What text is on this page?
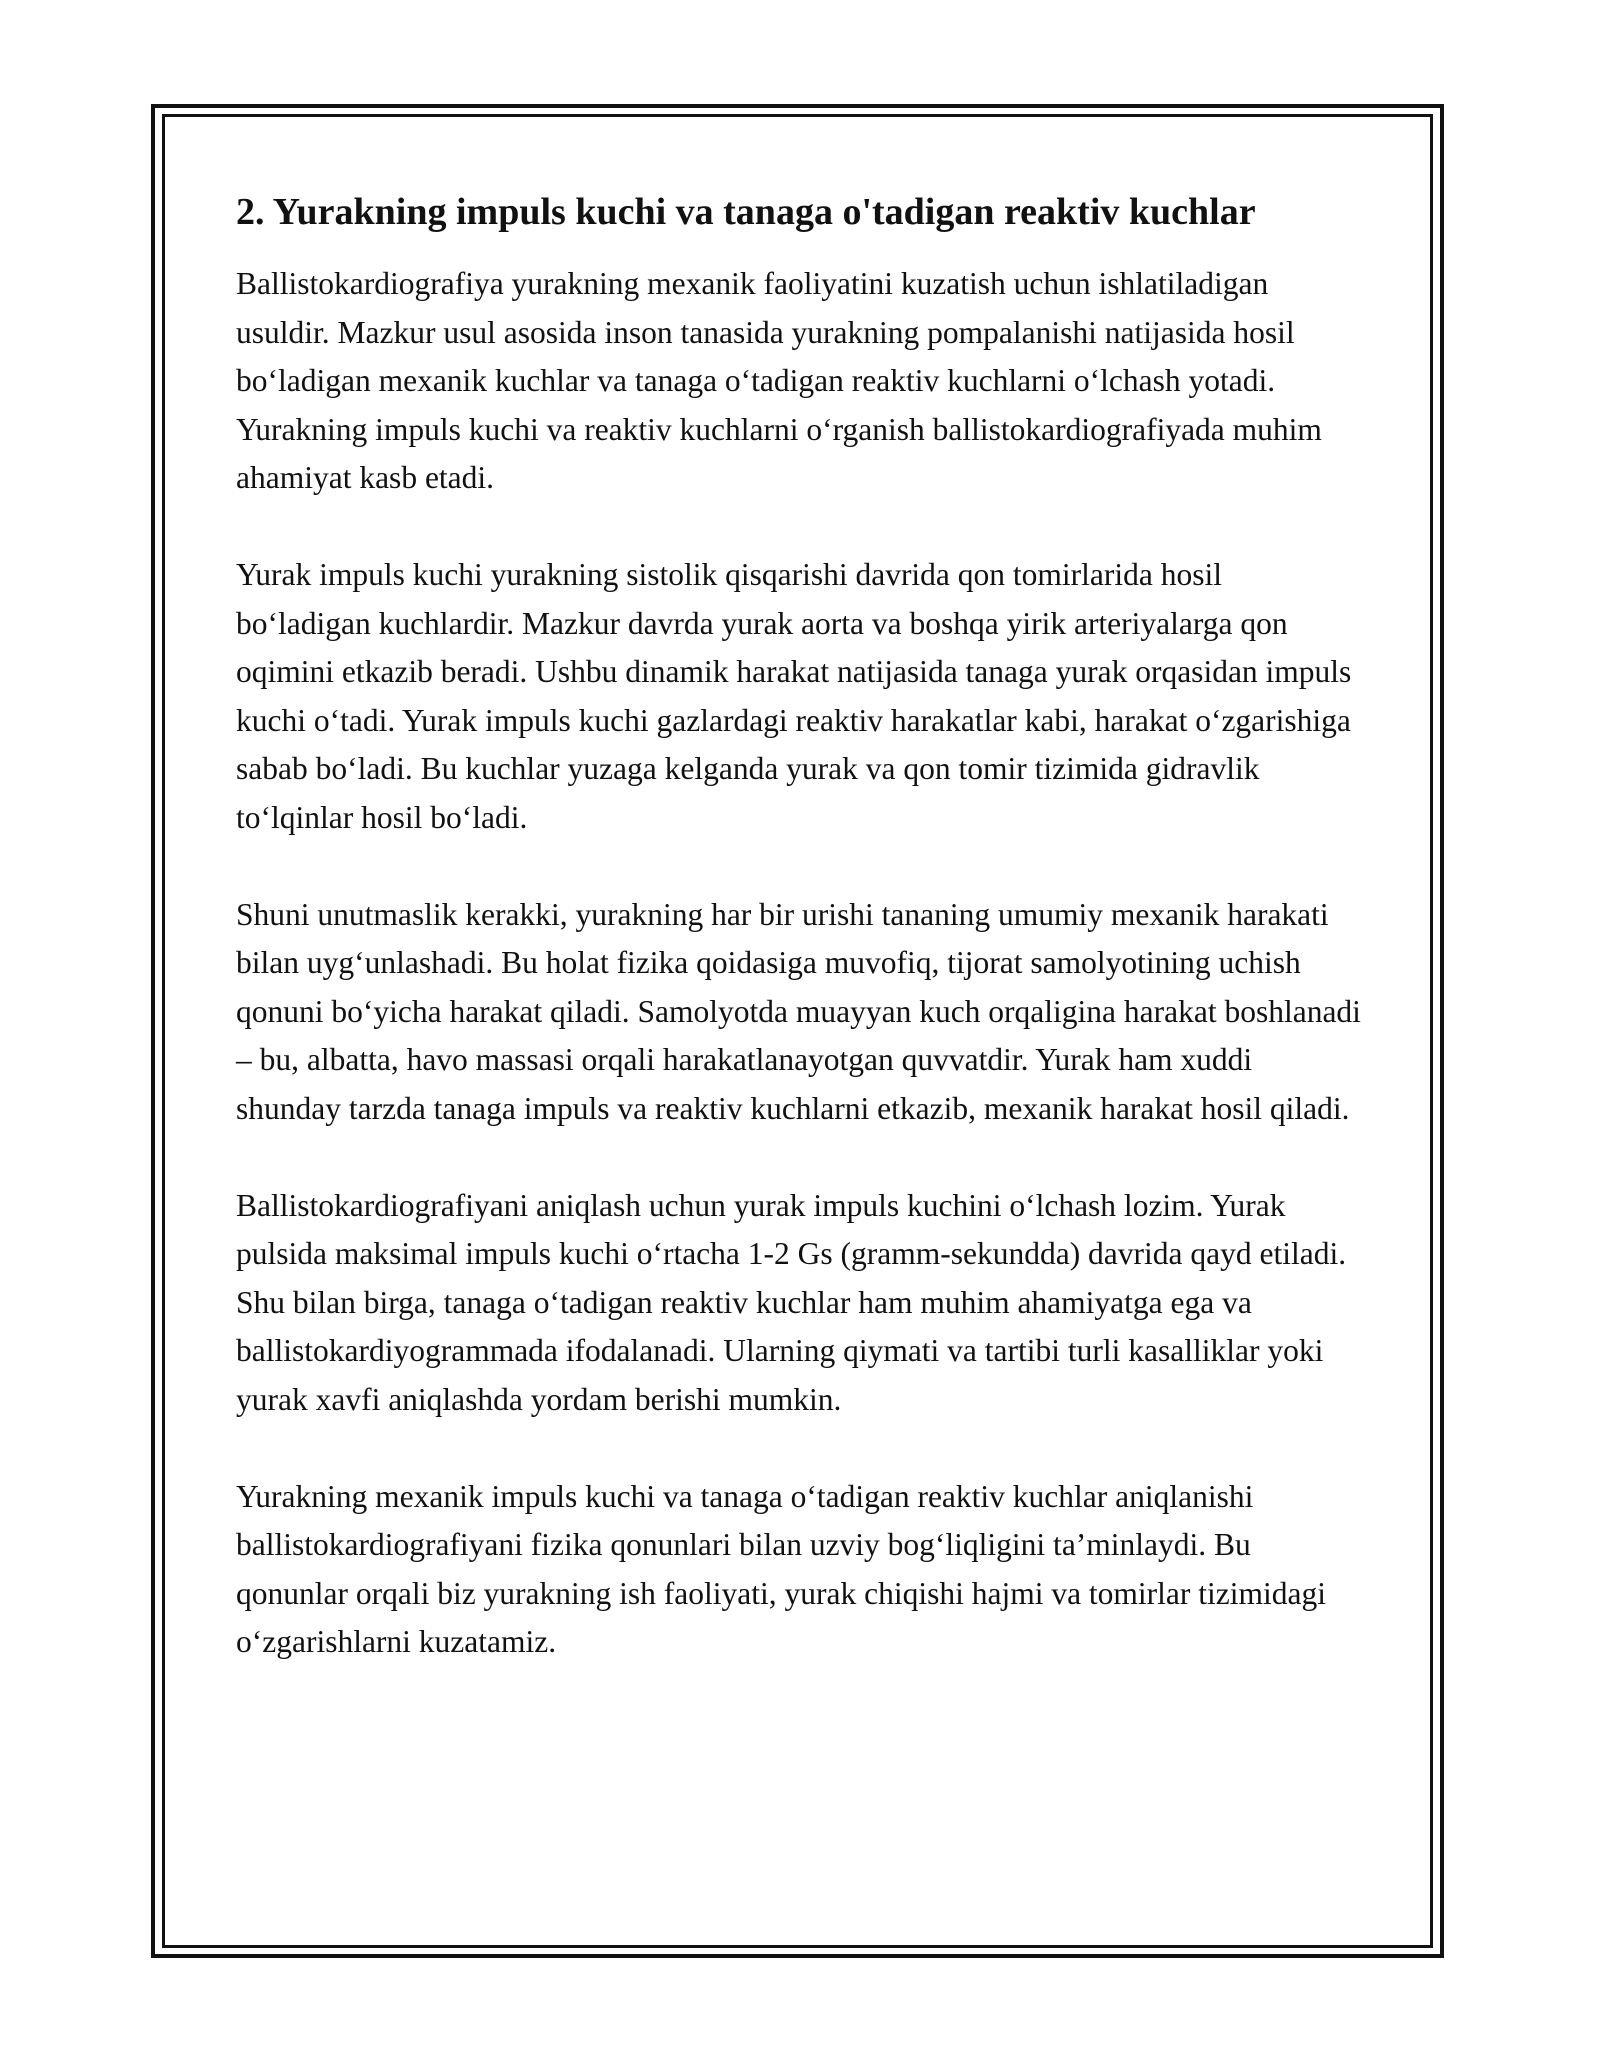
2. Yurakning impuls kuchi va tanaga o'tadigan reaktiv kuchlar

Ballistokardiografiya yurakning mexanik faoliyatini kuzatish uchun ishlatiladigan usuldir. Mazkur usul asosida inson tanasida yurakning pompalanishi natijasida hosil bo‘ladigan mexanik kuchlar va tanaga o‘tadigan reaktiv kuchlarni o‘lchash yotadi. Yurakning impuls kuchi va reaktiv kuchlarni o‘rganish ballistokardiografiyada muhim ahamiyat kasb etadi.

Yurak impuls kuchi yurakning sistolik qisqarishi davrida qon tomirlarida hosil bo‘ladigan kuchlardir. Mazkur davrda yurak aorta va boshqa yirik arteriyalarga qon oqimini etkazib beradi. Ushbu dinamik harakat natijasida tanaga yurak orqasidan impuls kuchi o‘tadi. Yurak impuls kuchi gazlardagi reaktiv harakatlar kabi, harakat o‘zgarishiga sabab bo‘ladi. Bu kuchlar yuzaga kelganda yurak va qon tomir tizimida gidravlik to‘lqinlar hosil bo‘ladi.

Shuni unutmaslik kerakki, yurakning har bir urishi tananing umumiy mexanik harakati bilan uyg‘unlashadi. Bu holat fizika qoidasiga muvofiq, tijorat samolyotining uchish qonuni bo‘yicha harakat qiladi. Samolyotda muayyan kuch orqaligina harakat boshlanadi – bu, albatta, havo massasi orqali harakatlanayotgan quvvatdir. Yurak ham xuddi shunday tarzda tanaga impuls va reaktiv kuchlarni etkazib, mexanik harakat hosil qiladi.

Ballistokardiografiyani aniqlash uchun yurak impuls kuchini o‘lchash lozim. Yurak pulsida maksimal impuls kuchi o‘rtacha 1-2 Gs (gramm-sekundda) davrida qayd etiladi. Shu bilan birga, tanaga o‘tadigan reaktiv kuchlar ham muhim ahamiyatga ega va ballistokardiyogrammada ifodalanadi. Ularning qiymati va tartibi turli kasalliklar yoki yurak xavfi aniqlashda yordam berishi mumkin.

Yurakning mexanik impuls kuchi va tanaga o‘tadigan reaktiv kuchlar aniqlanishi ballistokardiografiyani fizika qonunlari bilan uzviy bog‘liqligini ta’minlaydi. Bu qonunlar orqali biz yurakning ish faoliyati, yurak chiqishi hajmi va tomirlar tizimidagi o‘zgarishlarni kuzatamiz.
